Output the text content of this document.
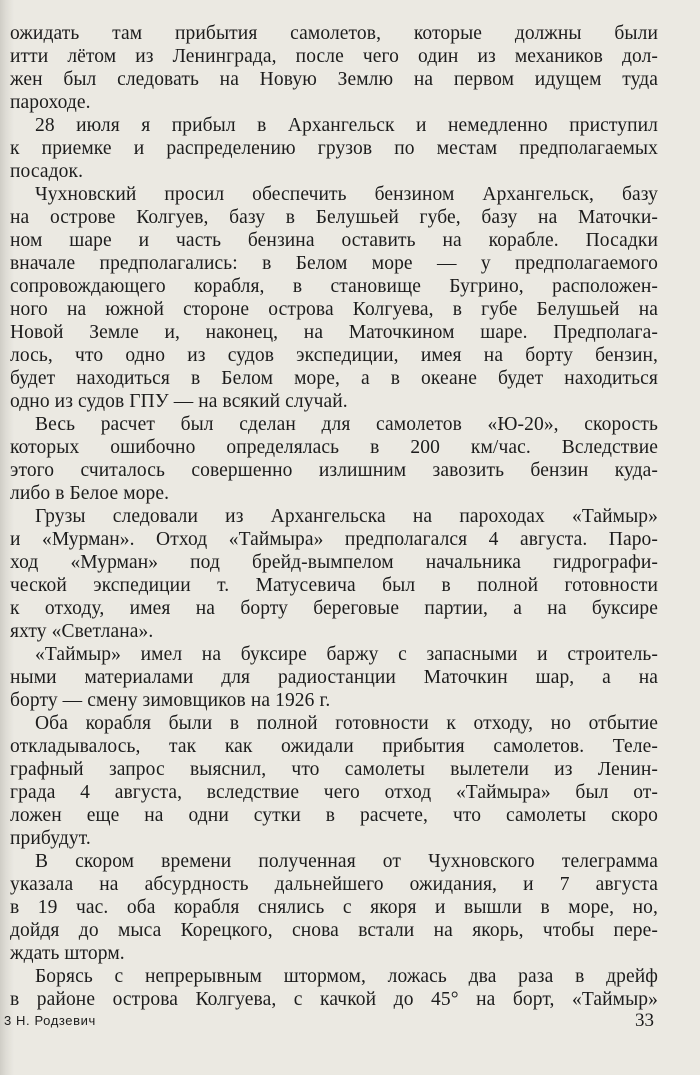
ожидать там прибытия самолетов, которые должны были

итти лётом из Ленинграда, после чего один из механиков дол-

жен был следовать на Новую Землю на первом идущем туда

пароходе.

28 июля я прибыл в Архангельск и немедленно приступил

к приемке и распределению грузов по местам предполагаемых

посадок.

Чухновский просил обеспечить бензином Архангельск, базу

на острове Колгуев, базу в Белушьей губе, базу на Маточки-

ном шаре и часть бензина оставить на корабле. Посадки

вначале предполагались: в Белом море — у предполагаемого

сопровождающего корабля, в становище Бугрино, расположен-

ного на южной стороне острова Колгуева, в губе Белушьей на

Новой Земле и, наконец, на Маточкином шаре. Предполага-

лось, что одно из судов экспедиции, имея на борту бензин,

будет находиться в Белом море, а в океане будет находиться

одно из судов ГПУ — на всякий случай.

Весь расчет был сделан для самолетов «Ю-20», скорость

которых ошибочно определялась в 200 км/час. Вследствие

этого считалось совершенно излишним завозить бензин куда-

либо в Белое море.

Грузы следовали из Архангельска на пароходах «Таймыр»

и «Мурман». Отход «Таймыра» предполагался 4 августа. Паро-

ход «Мурман» под брейд-вымпелом начальника гидрографи-

ческой экспедиции т. Матусевича был в полной готовности

к отходу, имея на борту береговые партии, а на буксире

яхту «Светлана».

«Таймыр» имел на буксире баржу с запасными и строитель-

ными материалами для радиостанции Маточкин шар, а на

борту — смену зимовщиков на 1926 г.

Оба корабля были в полной готовности к отходу, но отбытие

откладывалось, так как ожидали прибытия самолетов. Теле-

графный запрос выяснил, что самолеты вылетели из Ленин-

града 4 августа, вследствие чего отход «Таймыра» был от-

ложен еще на одни сутки в расчете, что самолеты скоро

прибудут.

В скором времени полученная от Чухновского телеграмма

указала на абсурдность дальнейшего ожидания, и 7 августа

в 19 час. оба корабля снялись с якоря и вышли в море, но,

дойдя до мыса Корецкого, снова встали на якорь, чтобы пере-

ждать шторм.

Борясь с непрерывным штормом, ложась два раза в дрейф

в районе острова Колгуева, с качкой до 45° на борт, «Таймыр»

3 Н. Родзевич	33
